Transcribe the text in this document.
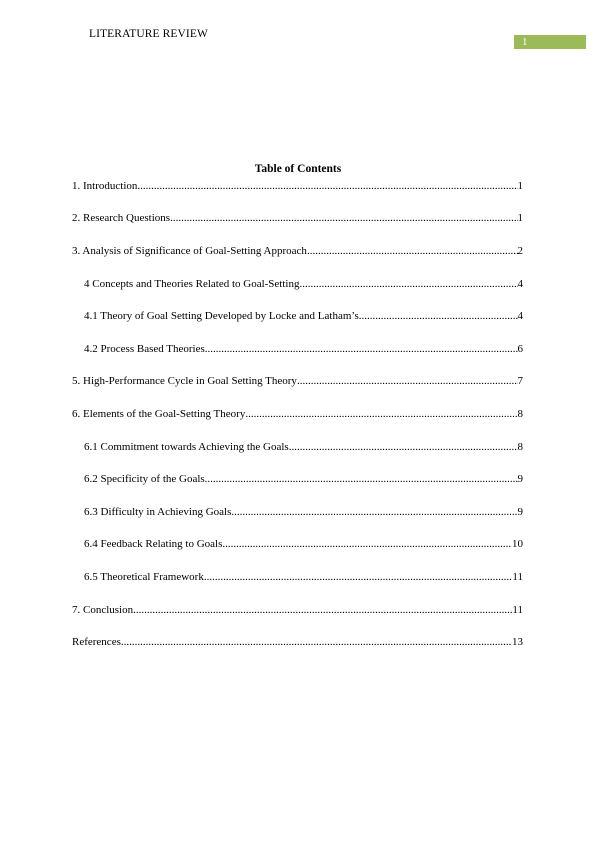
LITERATURE REVIEW
1
Table of Contents
1. Introduction .....	1
2. Research Questions .....	1
3. Analysis of Significance of Goal-Setting Approach .....	2
4 Concepts and Theories Related to Goal-Setting .....	4
4.1 Theory of Goal Setting Developed by Locke and Latham’s .....	4
4.2 Process Based Theories .....	6
5. High-Performance Cycle in Goal Setting Theory .....	7
6. Elements of the Goal-Setting Theory .....	8
6.1 Commitment towards Achieving the Goals .....	8
6.2 Specificity of the Goals .....	9
6.3 Difficulty in Achieving Goals .....	9
6.4 Feedback Relating to Goals .....	10
6.5 Theoretical Framework .....	11
7. Conclusion .....	11
References .....	13
